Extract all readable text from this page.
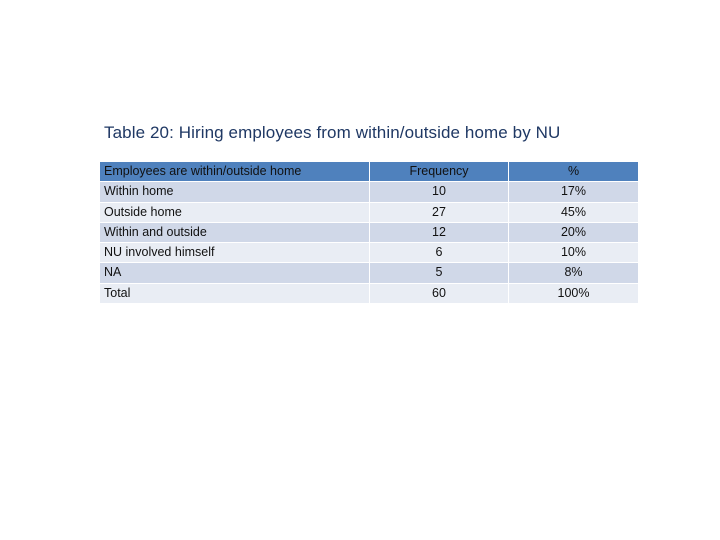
Table 20: Hiring employees from within/outside home by NU
Employees are within/outside home	Frequency	%
Within home	10	17%
Outside home	27	45%
Within and outside	12	20%
NU involved himself	6	10%
NA	5	8%
Total	60	100%
